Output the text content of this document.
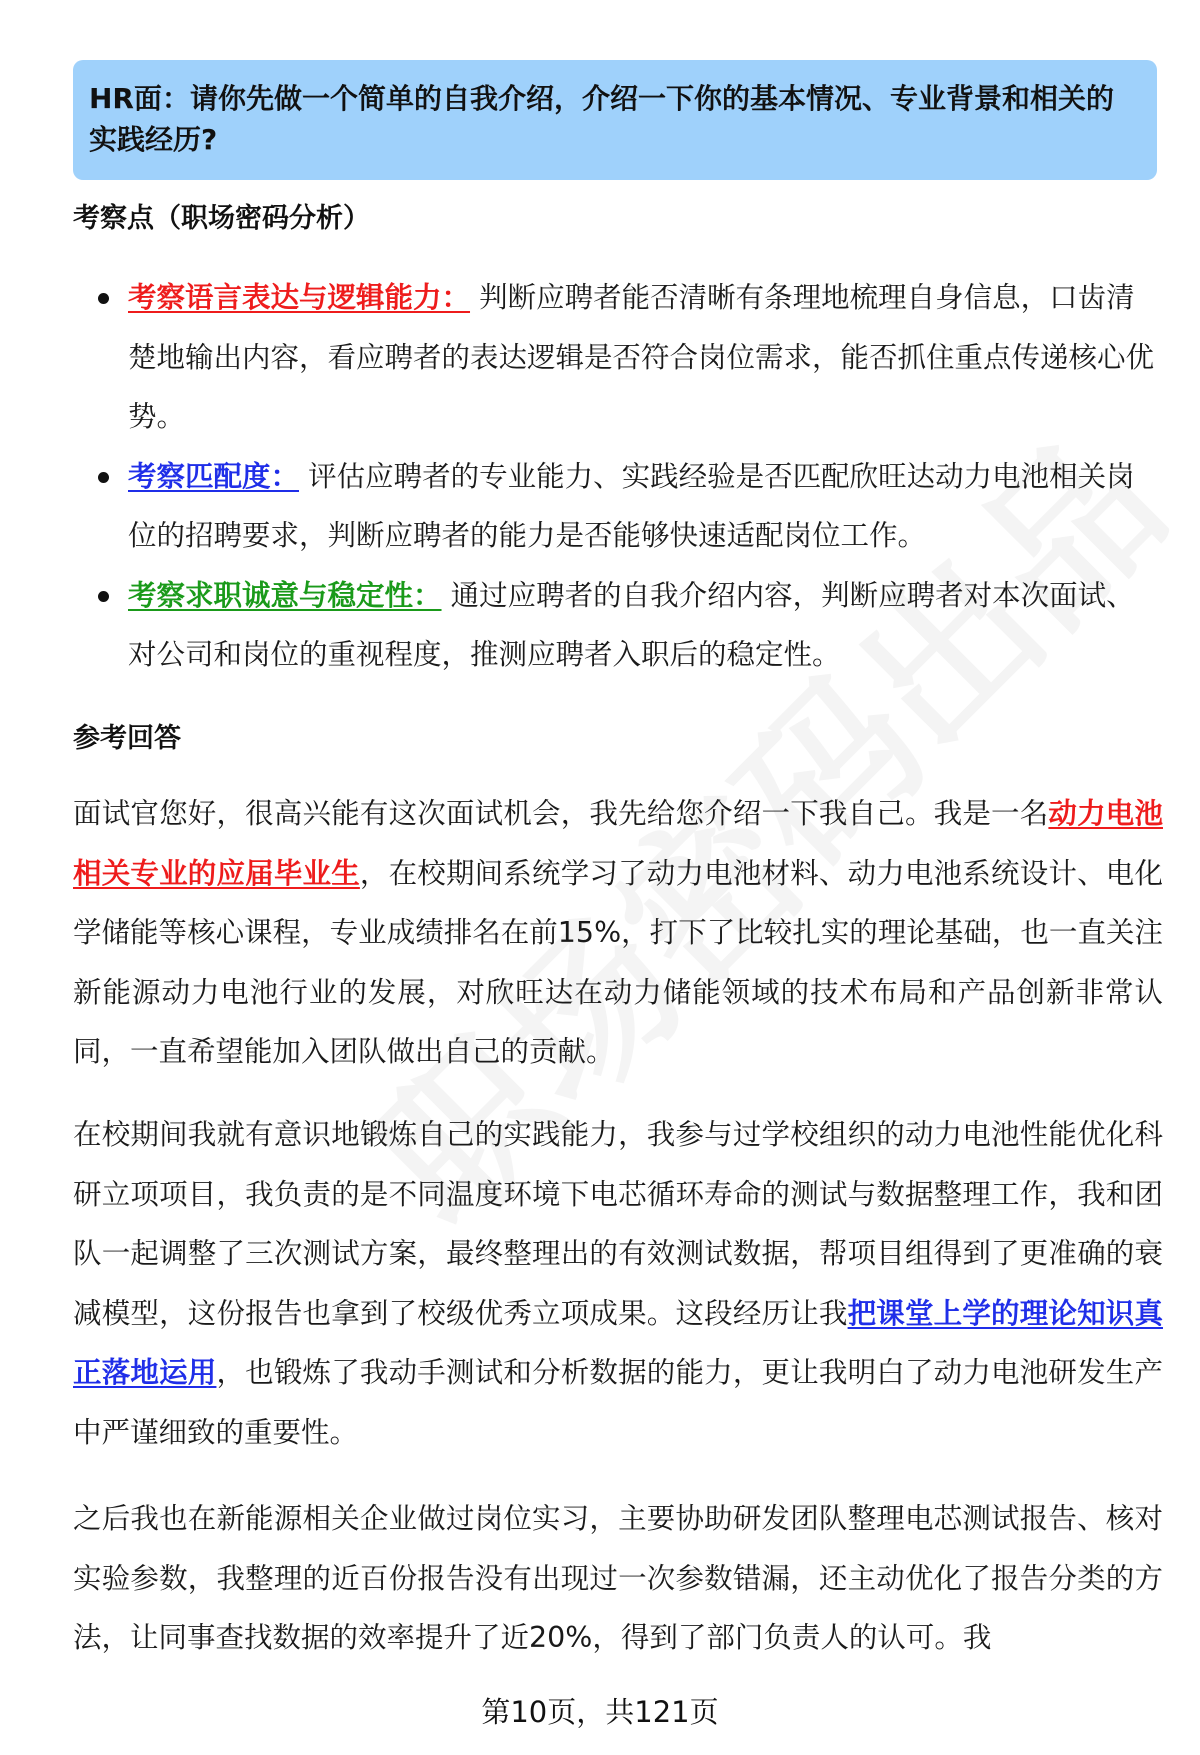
HR面：请你先做一个简单的自我介绍，介绍一下你的基本情况、专业背景和相关的实践经历?
考察点（职场密码分析）
考察语言表达与逻辑能力： 判断应聘者能否清晰有条理地梳理自身信息，口齿清楚地输出内容，看应聘者的表达逻辑是否符合岗位需求，能否抓住重点传递核心优势。
考察匹配度： 评估应聘者的专业能力、实践经验是否匹配欣旺达动力电池相关岗位的招聘要求，判断应聘者的能力是否能够快速适配岗位工作。
考察求职诚意与稳定性： 通过应聘者的自我介绍内容，判断应聘者对本次面试、对公司和岗位的重视程度，推测应聘者入职后的稳定性。
参考回答

面试官您好，很高兴能有这次面试机会，我先给您介绍一下我自己。我是一名动力电池相关专业的应届毕业生，在校期间系统学习了动力电池材料、动力电池系统设计、电化学储能等核心课程，专业成绩排名在前15%，打下了比较扎实的理论基础，也一直关注新能源动力电池行业的发展，对欣旺达在动力储能领域的技术布局和产品创新非常认同，一直希望能加入团队做出自己的贡献。

在校期间我就有意识地锻炼自己的实践能力，我参与过学校组织的动力电池性能优化科研立项项目，我负责的是不同温度环境下电芯循环寿命的测试与数据整理工作，我和团队一起调整了三次测试方案，最终整理出的有效测试数据，帮项目组得到了更准确的衰减模型，这份报告也拿到了校级优秀立项成果。这段经历让我把课堂上学的理论知识真正落地运用，也锻炼了我动手测试和分析数据的能力，更让我明白了动力电池研发生产中严谨细致的重要性。

之后我也在新能源相关企业做过岗位实习，主要协助研发团队整理电芯测试报告、核对实验参数，我整理的近百份报告没有出现过一次参数错漏，还主动优化了报告分类的方法，让同事查找数据的效率提升了近20%，得到了部门负责人的认可。我

第10页，共121页
